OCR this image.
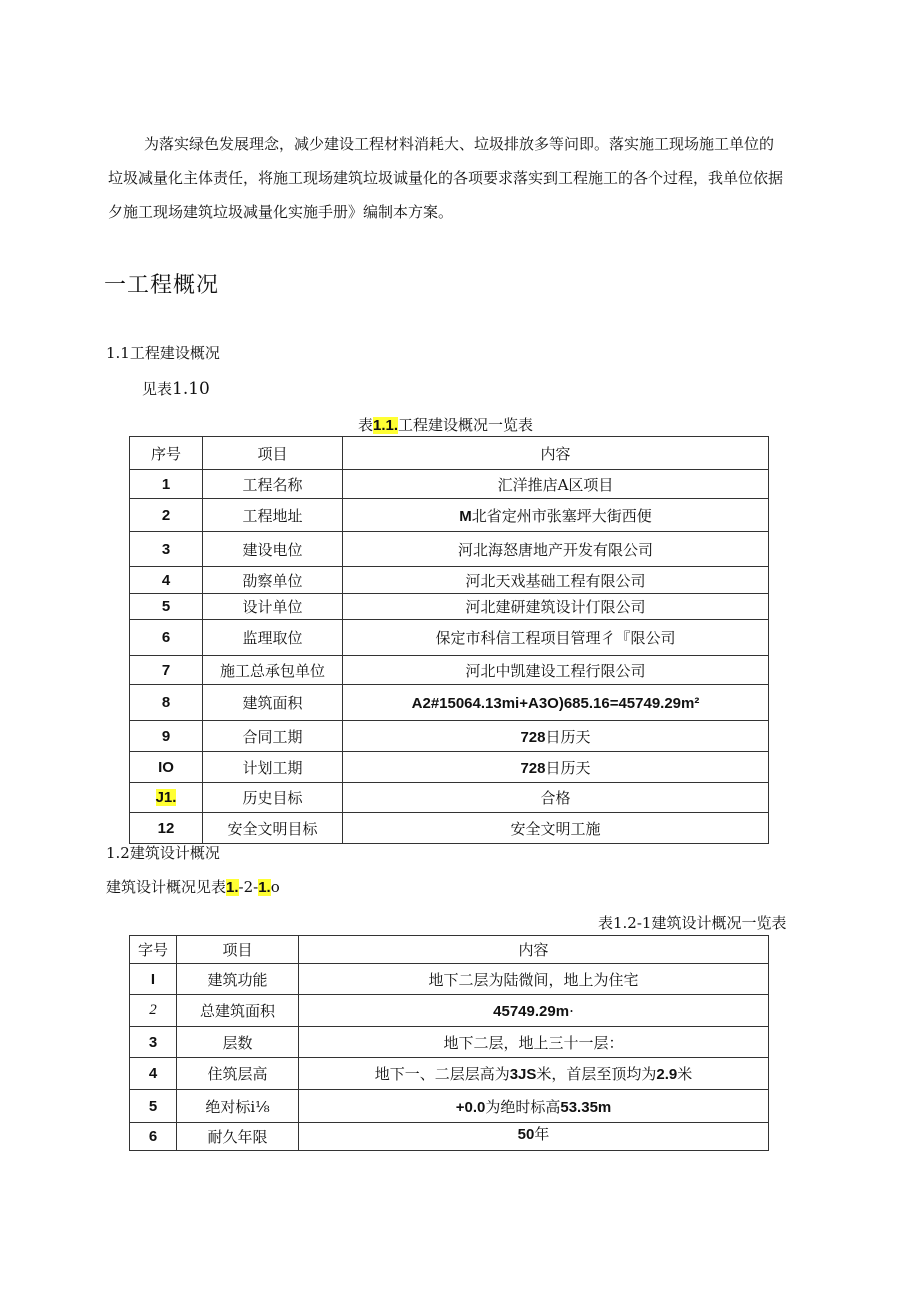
为落实绿色发展理念，减少建设工程材料消耗大、垃圾排放多等问即。落实施工现场施工单位的

垃圾减量化主体责任，将施工现场建筑垃圾诚量化的各项要求落实到工程施工的各个过程，我单位依据

夕施工现场建筑垃圾减量化实施手册》编制本方案。

一工程概况
1.1工程建设概况
见表1.10
表1.1.工程建设概况一览表
序号	项目	内容
1	工程名称	汇洋推店A区项目
2	工程地址	M北省定州市张塞坪大街西便
3	建设电位	河北海怒唐地产开发有限公司
4	劭察单位	河北天戏基础工程有限公司
5	设计单位	河北建研建筑设计仃限公司
6	监理取位	保定市科信工程项目管理彳『限公司
7	施工总承包单位	河北中凯建设工程行限公司
8	建筑面积	A2#15064.13mi+A3O)685.16=45749.29m²
9	合同工期	728日历天
IO	计划工期	728日历天
J1.	历史目标	合格
12	安全文明目标	安全文明工施
1.2建筑设计概况
建筑设计概况见表1.-2-1.o
表1.2-1建筑设计概况一览表
字号	项目	内容
I	建筑功能	地下二层为陆微间，地上为住宅
2	总建筑面积	45749.29m·
3	层数	地下二层，地上三十一层：
4	住筑层高	地下一、二层层高为3JS米，首层至顶均为2.9米
5	绝对标i⅛	+0.0为绝时标高53.35m
6	耐久年限	50年
